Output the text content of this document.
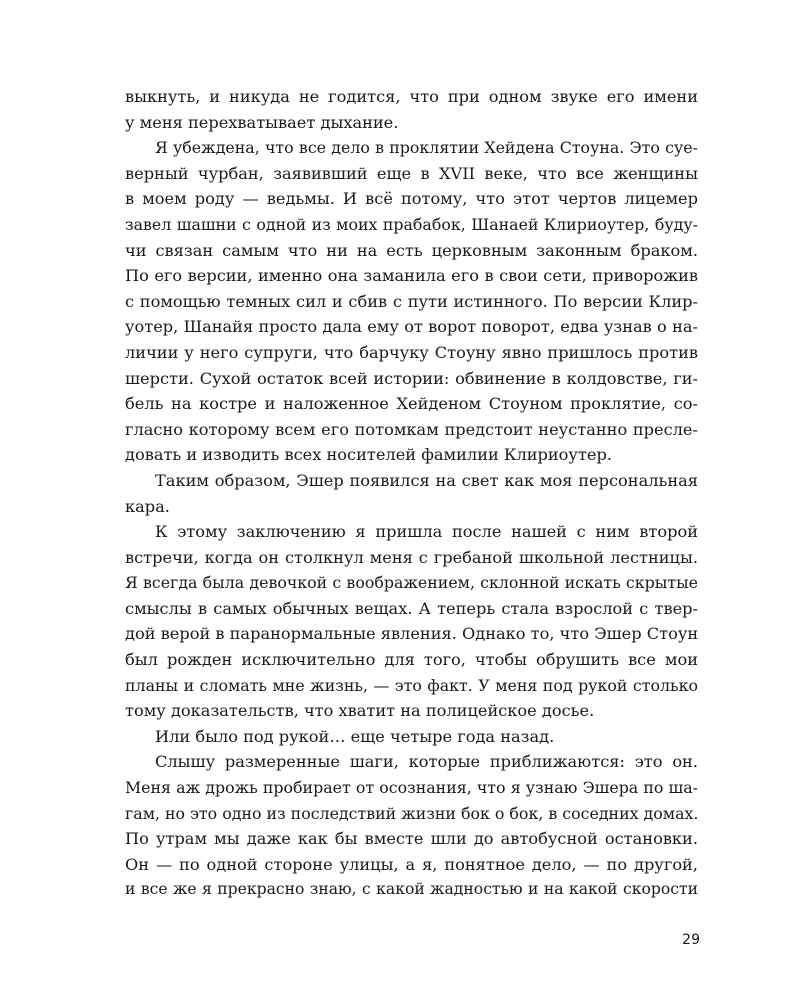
выкнуть, и никуда не годится, что при одном звуке его имени
у меня перехватывает дыхание.
Я убеждена, что все дело в проклятии Хейдена Стоуна. Это суе-
верный чурбан, заявивший еще в XVII веке, что все женщины
в моем роду — ведьмы. И всё потому, что этот чертов лицемер
завел шашни с одной из моих прабабок, Шанаей Клириоутер, буду-
чи связан самым что ни на есть церковным законным браком.
По его версии, именно она заманила его в свои сети, приворожив
с помощью темных сил и сбив с пути истинного. По версии Клир-
уотер, Шанайя просто дала ему от ворот поворот, едва узнав о на-
личии у него супруги, что барчуку Стоуну явно пришлось против
шерсти. Сухой остаток всей истории: обвинение в колдовстве, ги-
бель на костре и наложенное Хейденом Стоуном проклятие, со-
гласно которому всем его потомкам предстоит неустанно пресле-
довать и изводить всех носителей фамилии Клириоутер.
Таким образом, Эшер появился на свет как моя персональная
кара.
К этому заключению я пришла после нашей с ним второй
встречи, когда он столкнул меня с гребаной школьной лестницы.
Я всегда была девочкой с воображением, склонной искать скрытые
смыслы в самых обычных вещах. А теперь стала взрослой с твер-
дой верой в паранормальные явления. Однако то, что Эшер Стоун
был рожден исключительно для того, чтобы обрушить все мои
планы и сломать мне жизнь, — это факт. У меня под рукой столько
тому доказательств, что хватит на полицейское досье.
Или было под рукой… еще четыре года назад.
Слышу размеренные шаги, которые приближаются: это он.
Меня аж дрожь пробирает от осознания, что я узнаю Эшера по ша-
гам, но это одно из последствий жизни бок о бок, в соседних домах.
По утрам мы даже как бы вместе шли до автобусной остановки.
Он — по одной стороне улицы, а я, понятное дело, — по другой,
и все же я прекрасно знаю, с какой жадностью и на какой скорости
29
